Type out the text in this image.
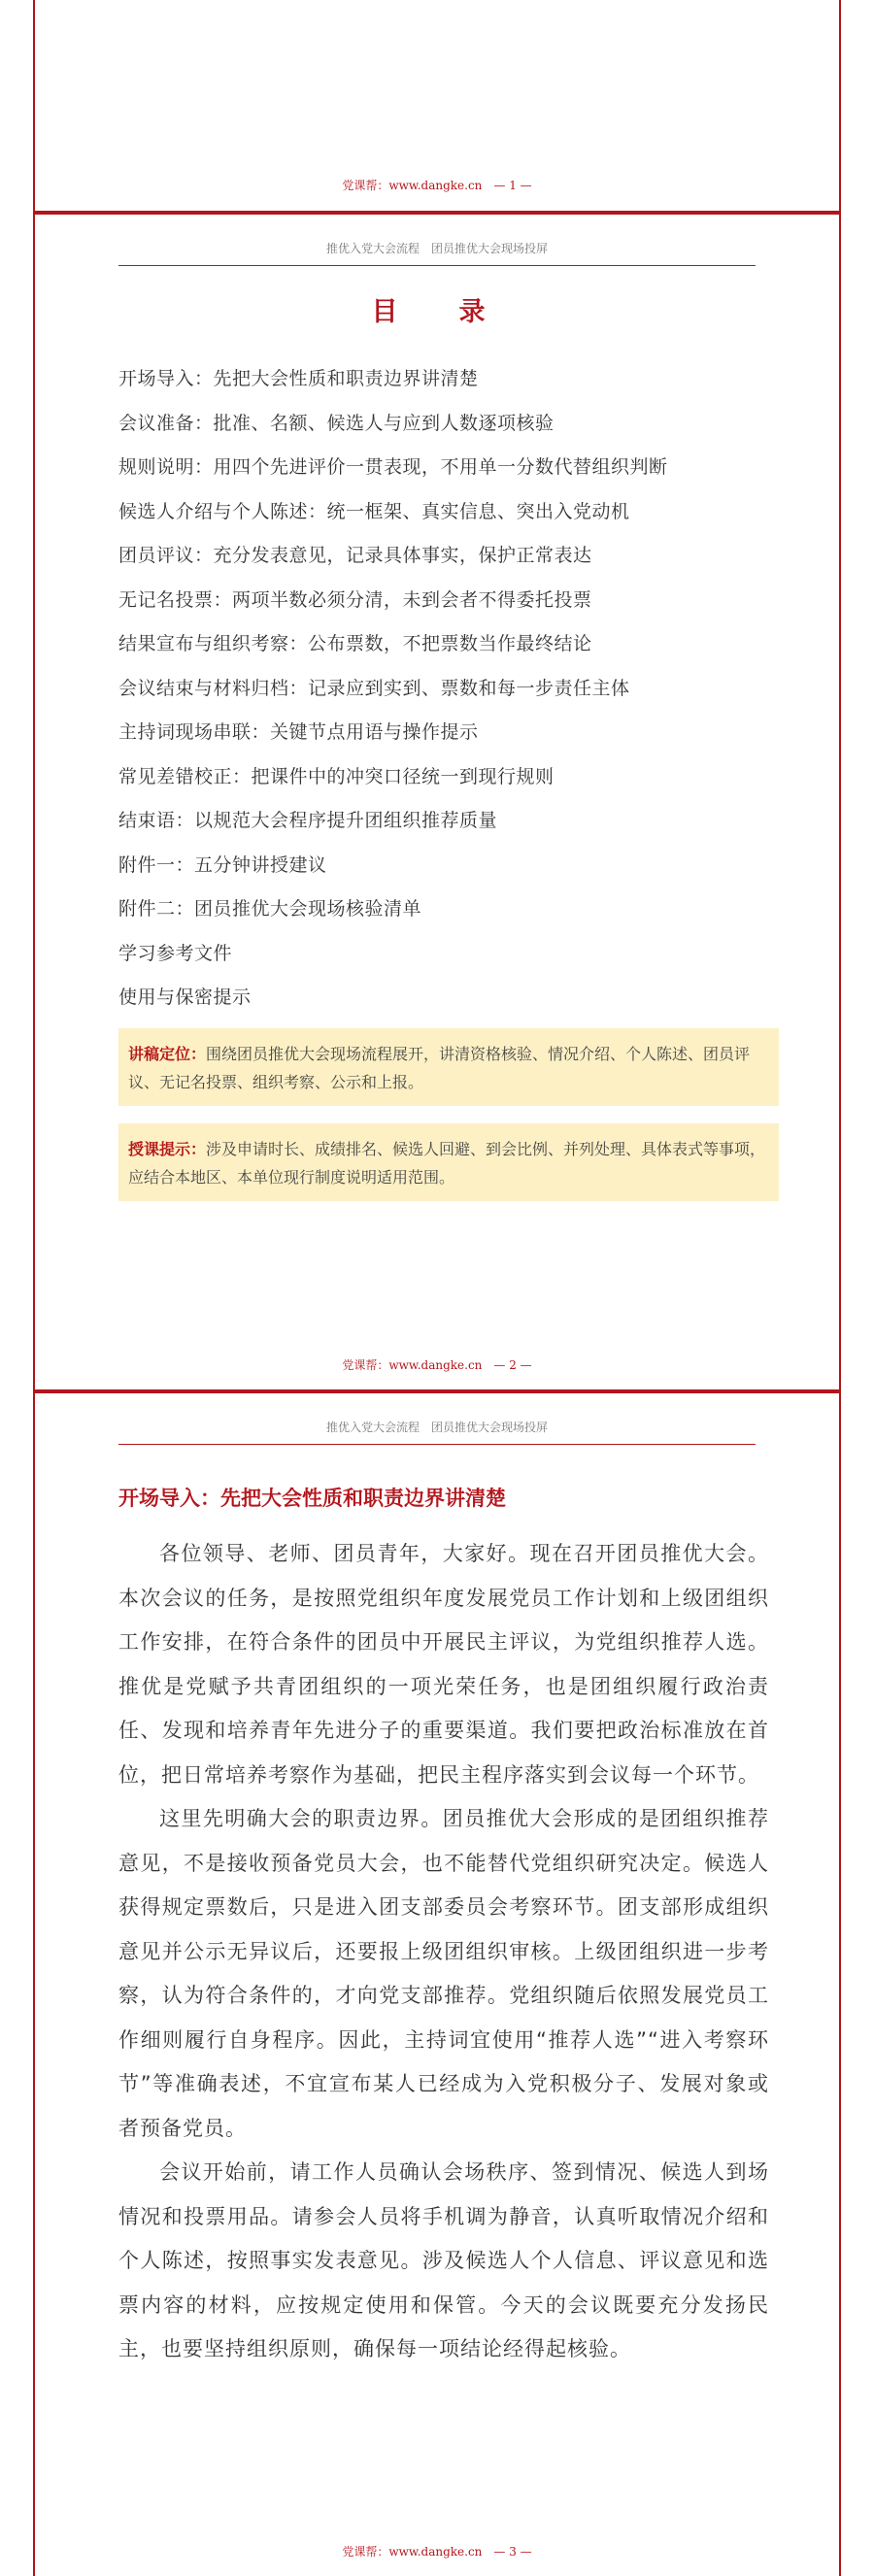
党课帮：www.dangke.cn　— 1 —
推优入党大会流程　团员推优大会现场投屏
目　录
开场导入：先把大会性质和职责边界讲清楚
会议准备：批准、名额、候选人与应到人数逐项核验
规则说明：用四个先进评价一贯表现，不用单一分数代替组织判断
候选人介绍与个人陈述：统一框架、真实信息、突出入党动机
团员评议：充分发表意见，记录具体事实，保护正常表达
无记名投票：两项半数必须分清，未到会者不得委托投票
结果宣布与组织考察：公布票数，不把票数当作最终结论
会议结束与材料归档：记录应到实到、票数和每一步责任主体
主持词现场串联：关键节点用语与操作提示
常见差错校正：把课件中的冲突口径统一到现行规则
结束语：以规范大会程序提升团组织推荐质量
附件一：五分钟讲授建议
附件二：团员推优大会现场核验清单
学习参考文件
使用与保密提示
讲稿定位：围绕团员推优大会现场流程展开，讲清资格核验、情况介绍、个人陈述、团员评议、无记名投票、组织考察、公示和上报。
授课提示：涉及申请时长、成绩排名、候选人回避、到会比例、并列处理、具体表式等事项，应结合本地区、本单位现行制度说明适用范围。
党课帮：www.dangke.cn　— 2 —
推优入党大会流程　团员推优大会现场投屏
开场导入：先把大会性质和职责边界讲清楚

各位领导、老师、团员青年，大家好。现在召开团员推优大会。本次会议的任务，是按照党组织年度发展党员工作计划和上级团组织工作安排，在符合条件的团员中开展民主评议，为党组织推荐人选。推优是党赋予共青团组织的一项光荣任务，也是团组织履行政治责任、发现和培养青年先进分子的重要渠道。我们要把政治标准放在首位，把日常培养考察作为基础，把民主程序落实到会议每一个环节。

这里先明确大会的职责边界。团员推优大会形成的是团组织推荐意见，不是接收预备党员大会，也不能替代党组织研究决定。候选人获得规定票数后，只是进入团支部委员会考察环节。团支部形成组织意见并公示无异议后，还要报上级团组织审核。上级团组织进一步考察，认为符合条件的，才向党支部推荐。党组织随后依照发展党员工作细则履行自身程序。因此，主持词宜使用“推荐人选”“进入考察环节”等准确表述，不宜宣布某人已经成为入党积极分子、发展对象或者预备党员。

会议开始前，请工作人员确认会场秩序、签到情况、候选人到场情况和投票用品。请参会人员将手机调为静音，认真听取情况介绍和个人陈述，按照事实发表意见。涉及候选人个人信息、评议意见和选票内容的材料，应按规定使用和保管。今天的会议既要充分发扬民主，也要坚持组织原则，确保每一项结论经得起核验。

党课帮：www.dangke.cn　— 3 —
